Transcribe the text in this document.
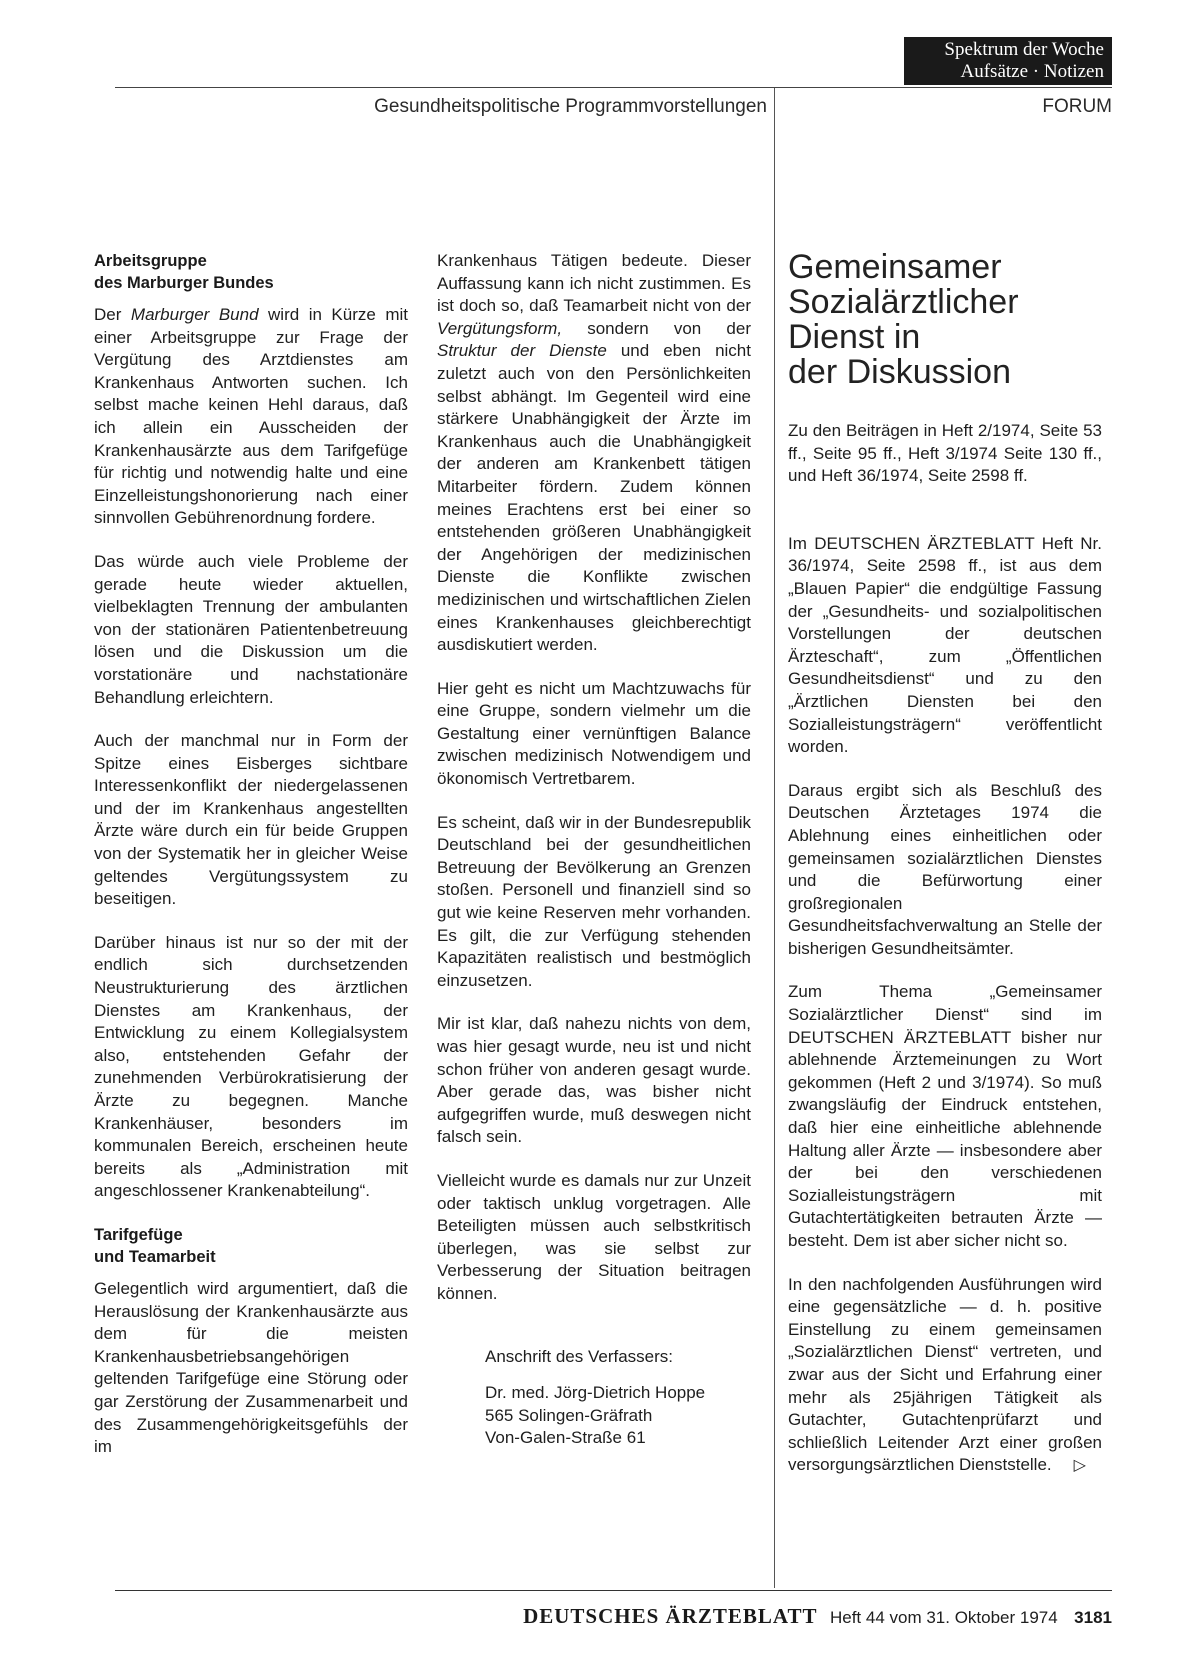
Spektrum der Woche
Aufsätze · Notizen
Gesundheitspolitische Programmvorstellungen	FORUM
Arbeitsgruppe
des Marburger Bundes

Der Marburger Bund wird in Kürze mit einer Arbeitsgruppe zur Frage der Vergütung des Arztdienstes am Krankenhaus Antworten suchen. Ich selbst mache keinen Hehl daraus, daß ich allein ein Ausscheiden der Krankenhausärzte aus dem Tarifgefüge für richtig und notwendig halte und eine Einzelleistungshonorierung nach einer sinnvollen Gebührenordnung fordere.

Das würde auch viele Probleme der gerade heute wieder aktuellen, vielbeklagten Trennung der ambulanten von der stationären Patientenbetreuung lösen und die Diskussion um die vorstationäre und nachstationäre Behandlung erleichtern.

Auch der manchmal nur in Form der Spitze eines Eisberges sichtbare Interessenkonflikt der niedergelassenen und der im Krankenhaus angestellten Ärzte wäre durch ein für beide Gruppen von der Systematik her in gleicher Weise geltendes Vergütungssystem zu beseitigen.

Darüber hinaus ist nur so der mit der endlich sich durchsetzenden Neustrukturierung des ärztlichen Dienstes am Krankenhaus, der Entwicklung zu einem Kollegialsystem also, entstehenden Gefahr der zunehmenden Verbürokratisierung der Ärzte zu begegnen. Manche Krankenhäuser, besonders im kommunalen Bereich, erscheinen heute bereits als „Administration mit angeschlossener Krankenabteilung“.

Tarifgefüge
und Teamarbeit

Gelegentlich wird argumentiert, daß die Herauslösung der Krankenhausärzte aus dem für die meisten Krankenhausbetriebsangehörigen geltenden Tarifgefüge eine Störung oder gar Zerstörung der Zusammenarbeit und des Zusammengehörigkeitsgefühls der im

Krankenhaus Tätigen bedeute. Dieser Auffassung kann ich nicht zustimmen. Es ist doch so, daß Teamarbeit nicht von der Vergütungsform, sondern von der Struktur der Dienste und eben nicht zuletzt auch von den Persönlichkeiten selbst abhängt. Im Gegenteil wird eine stärkere Unabhängigkeit der Ärzte im Krankenhaus auch die Unabhängigkeit der anderen am Krankenbett tätigen Mitarbeiter fördern. Zudem können meines Erachtens erst bei einer so entstehenden größeren Unabhängigkeit der Angehörigen der medizinischen Dienste die Konflikte zwischen medizinischen und wirtschaftlichen Zielen eines Krankenhauses gleichberechtigt ausdiskutiert werden.

Hier geht es nicht um Machtzuwachs für eine Gruppe, sondern vielmehr um die Gestaltung einer vernünftigen Balance zwischen medizinisch Notwendigem und ökonomisch Vertretbarem.

Es scheint, daß wir in der Bundesrepublik Deutschland bei der gesundheitlichen Betreuung der Bevölkerung an Grenzen stoßen. Personell und finanziell sind so gut wie keine Reserven mehr vorhanden. Es gilt, die zur Verfügung stehenden Kapazitäten realistisch und bestmöglich einzusetzen.

Mir ist klar, daß nahezu nichts von dem, was hier gesagt wurde, neu ist und nicht schon früher von anderen gesagt wurde. Aber gerade das, was bisher nicht aufgegriffen wurde, muß deswegen nicht falsch sein.

Vielleicht wurde es damals nur zur Unzeit oder taktisch unklug vorgetragen. Alle Beteiligten müssen auch selbstkritisch überlegen, was sie selbst zur Verbesserung der Situation beitragen können.

Anschrift des Verfassers:
Dr. med. Jörg-Dietrich Hoppe
565 Solingen-Gräfrath
Von-Galen-Straße 61
Gemeinsamer
Sozialärztlicher
Dienst in
der Diskussion

Zu den Beiträgen in Heft 2/1974, Seite 53 ff., Seite 95 ff., Heft 3/1974 Seite 130 ff., und Heft 36/1974, Seite 2598 ff.

Im DEUTSCHEN ÄRZTEBLATT Heft Nr. 36/1974, Seite 2598 ff., ist aus dem „Blauen Papier“ die endgültige Fassung der „Gesundheits- und sozialpolitischen Vorstellungen der deutschen Ärzteschaft“, zum „Öffentlichen Gesundheitsdienst“ und zu den „Ärztlichen Diensten bei den Sozialleistungsträgern“ veröffentlicht worden.

Daraus ergibt sich als Beschluß des Deutschen Ärztetages 1974 die Ablehnung eines einheitlichen oder gemeinsamen sozialärztlichen Dienstes und die Befürwortung einer großregionalen Gesundheitsfachverwaltung an Stelle der bisherigen Gesundheitsämter.

Zum Thema „Gemeinsamer Sozialärztlicher Dienst“ sind im DEUTSCHEN ÄRZTEBLATT bisher nur ablehnende Ärztemeinungen zu Wort gekommen (Heft 2 und 3/1974). So muß zwangsläufig der Eindruck entstehen, daß hier eine einheitliche ablehnende Haltung aller Ärzte — insbesondere aber der bei den verschiedenen Sozialleistungsträgern mit Gutachtertätigkeiten betrauten Ärzte — besteht. Dem ist aber sicher nicht so.

In den nachfolgenden Ausführungen wird eine gegensätzliche — d. h. positive Einstellung zu einem gemeinsamen „Sozialärztlichen Dienst“ vertreten, und zwar aus der Sicht und Erfahrung einer mehr als 25jährigen Tätigkeit als Gutachter, Gutachtenprüfarzt und schließlich Leitender Arzt einer großen versorgungsärztlichen Dienststelle. ▷

DEUTSCHES ÄRZTEBLATT Heft 44 vom 31. Oktober 1974 3181
